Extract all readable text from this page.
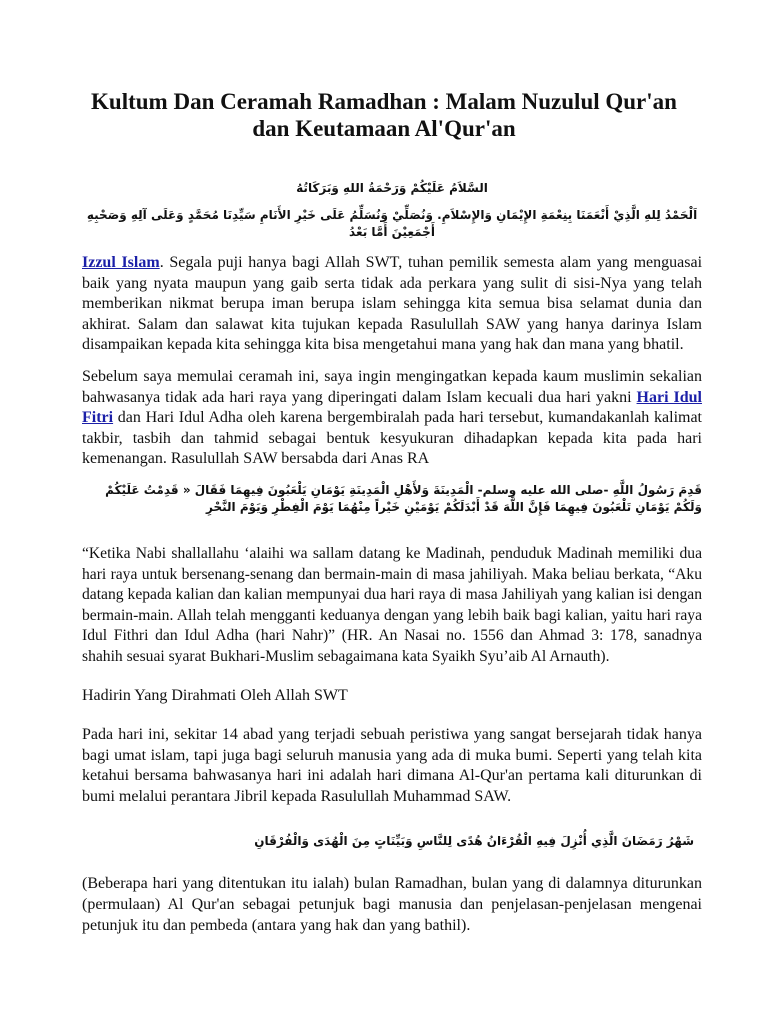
Kultum Dan Ceramah Ramadhan : Malam Nuzulul Qur'an dan Keutamaan Al'Qur'an

السَّلاَمُ عَلَيْكُمْ وَرَحْمَةُ اللهِ وَبَرَكَاتُهُ

اَلْحَمْدُ لِلهِ الَّذِيْ أَنْعَمَنَا بِنِعْمَةِ الإِيْمَانِ وَالإِسْلاَمِ. وَنُصَلِّيْ وَنُسَلِّمُ عَلَى خَيْرِ الأَنَامِ سَيِّدِنَا مُحَمَّدٍ وَعَلَى آلِهِ وَصَحْبِهِ أَجْمَعِيْنَ أَمَّا بَعْدُ

Izzul Islam. Segala puji hanya bagi Allah SWT, tuhan pemilik semesta alam yang menguasai baik yang nyata maupun yang gaib serta tidak ada perkara yang sulit di sisi-Nya yang telah memberikan nikmat berupa iman berupa islam sehingga kita semua bisa selamat dunia dan akhirat. Salam dan salawat kita tujukan kepada Rasulullah SAW yang hanya darinya Islam disampaikan kepada kita sehingga kita bisa mengetahui mana yang hak dan mana yang bhatil.

Sebelum saya memulai ceramah ini, saya ingin mengingatkan kepada kaum muslimin sekalian bahwasanya tidak ada hari raya yang diperingati dalam Islam kecuali dua hari yakni Hari Idul Fitri dan Hari Idul Adha oleh karena bergembiralah pada hari tersebut, kumandakanlah kalimat takbir, tasbih dan tahmid sebagai bentuk kesyukuran dihadapkan kepada kita pada hari kemenangan. Rasulullah SAW bersabda dari Anas RA

قَدِمَ رَسُولُ اللَّهِ -صلى الله عليه وسلم- الْمَدِينَةَ وَلأَهْلِ الْمَدِينَةِ يَوْمَانِ يَلْعَبُونَ فِيهِمَا فَقَالَ « قَدِمْتُ عَلَيْكُمْ وَلَكُمْ يَوْمَانِ تَلْعَبُونَ فِيهِمَا فَإِنَّ اللَّهَ قَدْ أَبْدَلَكُمْ يَوْمَيْنِ خَيْراً مِنْهُمَا يَوْمَ الْفِطْرِ وَيَوْمَ النَّحْرِ

“Ketika Nabi shallallahu ‘alaihi wa sallam datang ke Madinah, penduduk Madinah memiliki dua hari raya untuk bersenang-senang dan bermain-main di masa jahiliyah. Maka beliau berkata, “Aku datang kepada kalian dan kalian mempunyai dua hari raya di masa Jahiliyah yang kalian isi dengan bermain-main. Allah telah mengganti keduanya dengan yang lebih baik bagi kalian, yaitu hari raya Idul Fithri dan Idul Adha (hari Nahr)” (HR. An Nasai no. 1556 dan Ahmad 3: 178, sanadnya shahih sesuai syarat Bukhari-Muslim sebagaimana kata Syaikh Syu’aib Al Arnauth).

Hadirin Yang Dirahmati Oleh Allah SWT

Pada hari ini, sekitar 14 abad yang terjadi sebuah peristiwa yang sangat bersejarah tidak hanya bagi umat islam, tapi juga bagi seluruh manusia yang ada di muka bumi. Seperti yang telah kita ketahui bersama bahwasanya hari ini adalah hari dimana Al-Qur'an pertama kali diturunkan di bumi melalui perantara Jibril kepada Rasulullah Muhammad SAW.

شَهْرُ رَمَضَانَ الَّذِي أُنْزِلَ فِيهِ الْقُرْءَانُ هُدًى لِلنَّاسِ وَبَيِّنَاتٍ مِنَ الْهُدَى وَالْفُرْقَانِ

(Beberapa hari yang ditentukan itu ialah) bulan Ramadhan, bulan yang di dalamnya diturunkan (permulaan) Al Qur'an sebagai petunjuk bagi manusia dan penjelasan-penjelasan mengenai petunjuk itu dan pembeda (antara yang hak dan yang bathil).
